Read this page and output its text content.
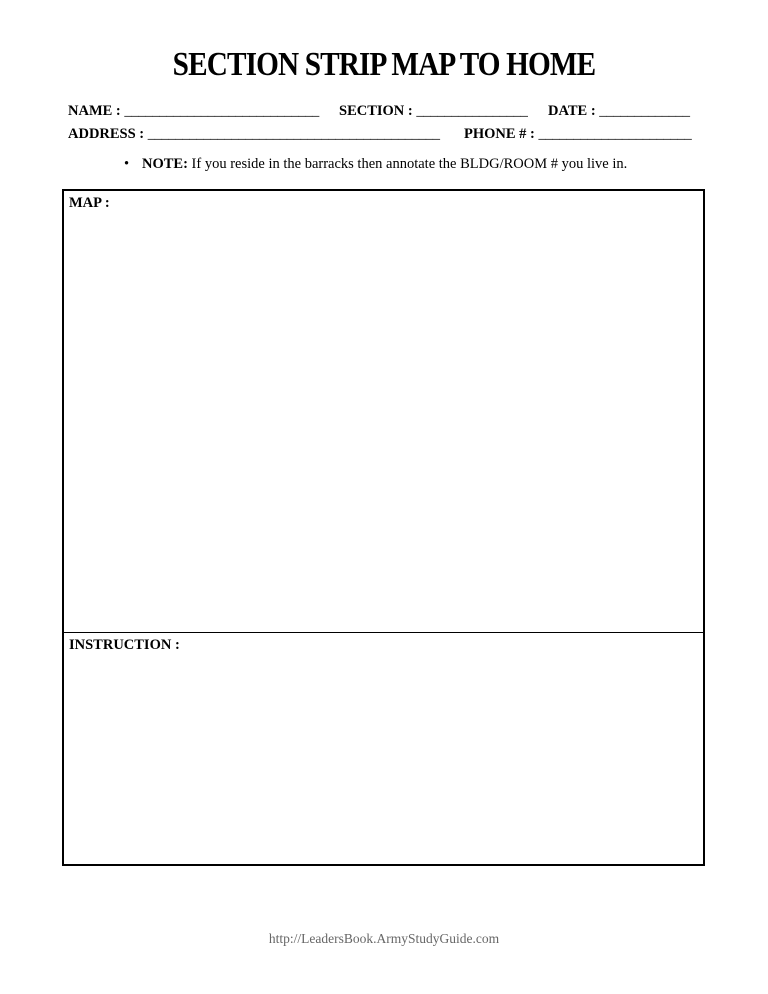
SECTION STRIP MAP TO HOME
NAME : ____________________________ SECTION : ________________ DATE : _____________
ADDRESS : __________________________________________ PHONE # : ______________________
• NOTE: If you reside in the barracks then annotate the BLDG/ROOM # you live in.
MAP :
INSTRUCTION :
http://LeadersBook.ArmyStudyGuide.com
